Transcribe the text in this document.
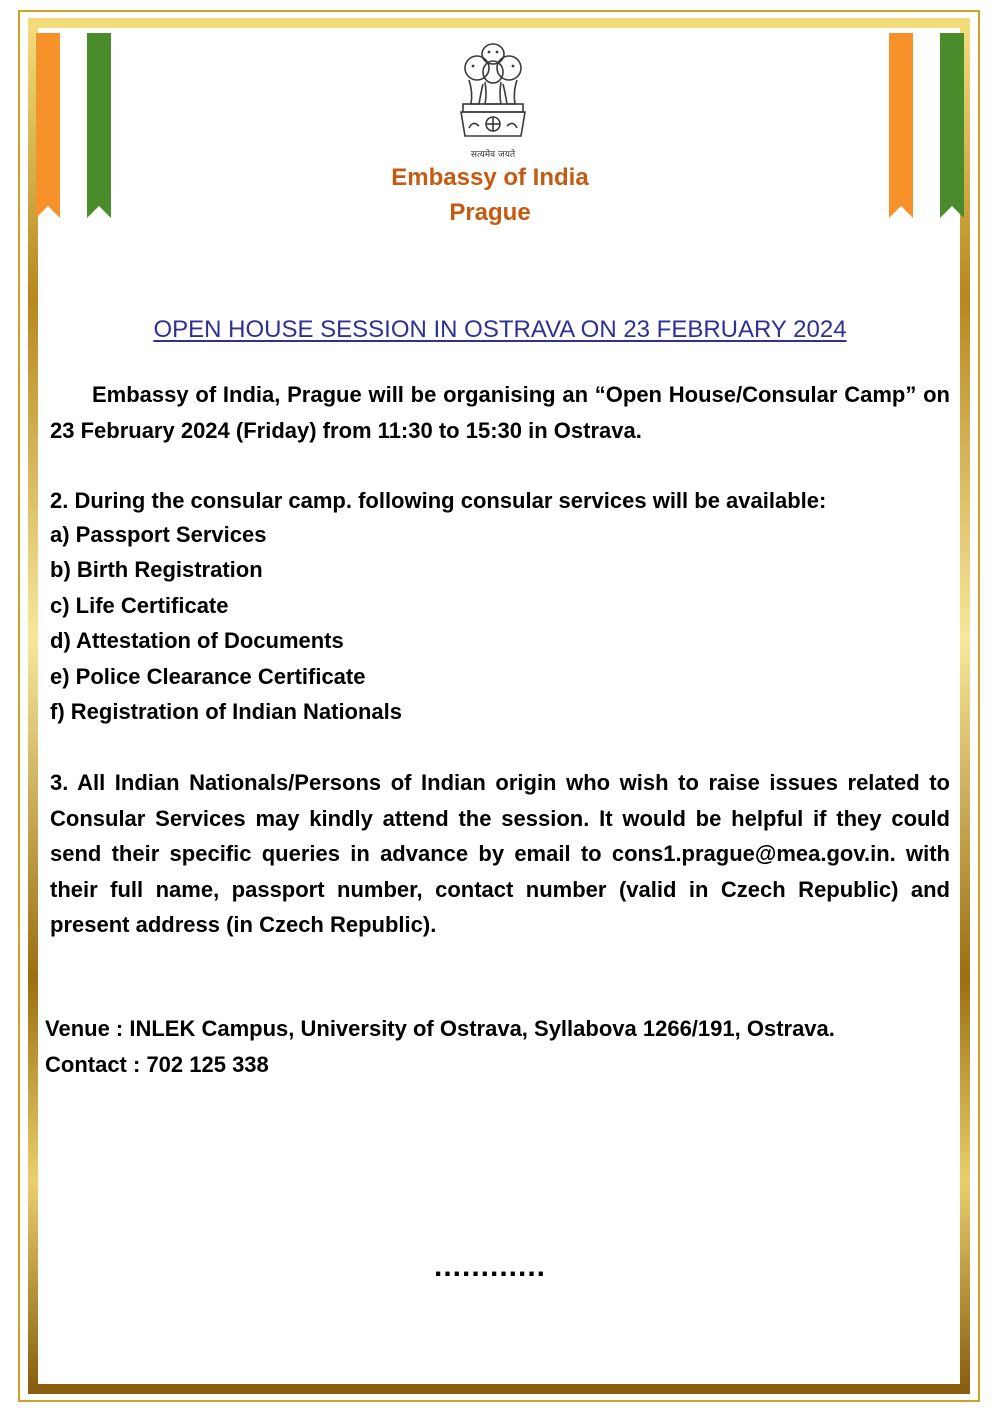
सत्यमेव जयते
Embassy of India
Prague
OPEN HOUSE SESSION IN OSTRAVA ON 23 FEBRUARY 2024
Embassy of India, Prague will be organising an “Open House/Consular Camp” on 23 February 2024 (Friday) from 11:30 to 15:30 in Ostrava.
2. During the consular camp. following consular services will be available:
a) Passport Services
b) Birth Registration
c) Life Certificate
d) Attestation of Documents
e) Police Clearance Certificate
f) Registration of Indian Nationals
3. All Indian Nationals/Persons of Indian origin who wish to raise issues related to Consular Services may kindly attend the session. It would be helpful if they could send their specific queries in advance by email to cons1.prague@mea.gov.in. with their full name, passport number, contact number (valid in Czech Republic) and present address (in Czech Republic).
Venue : INLEK Campus, University of Ostrava, Syllabova 1266/191, Ostrava.
Contact : 702 125 338
............
